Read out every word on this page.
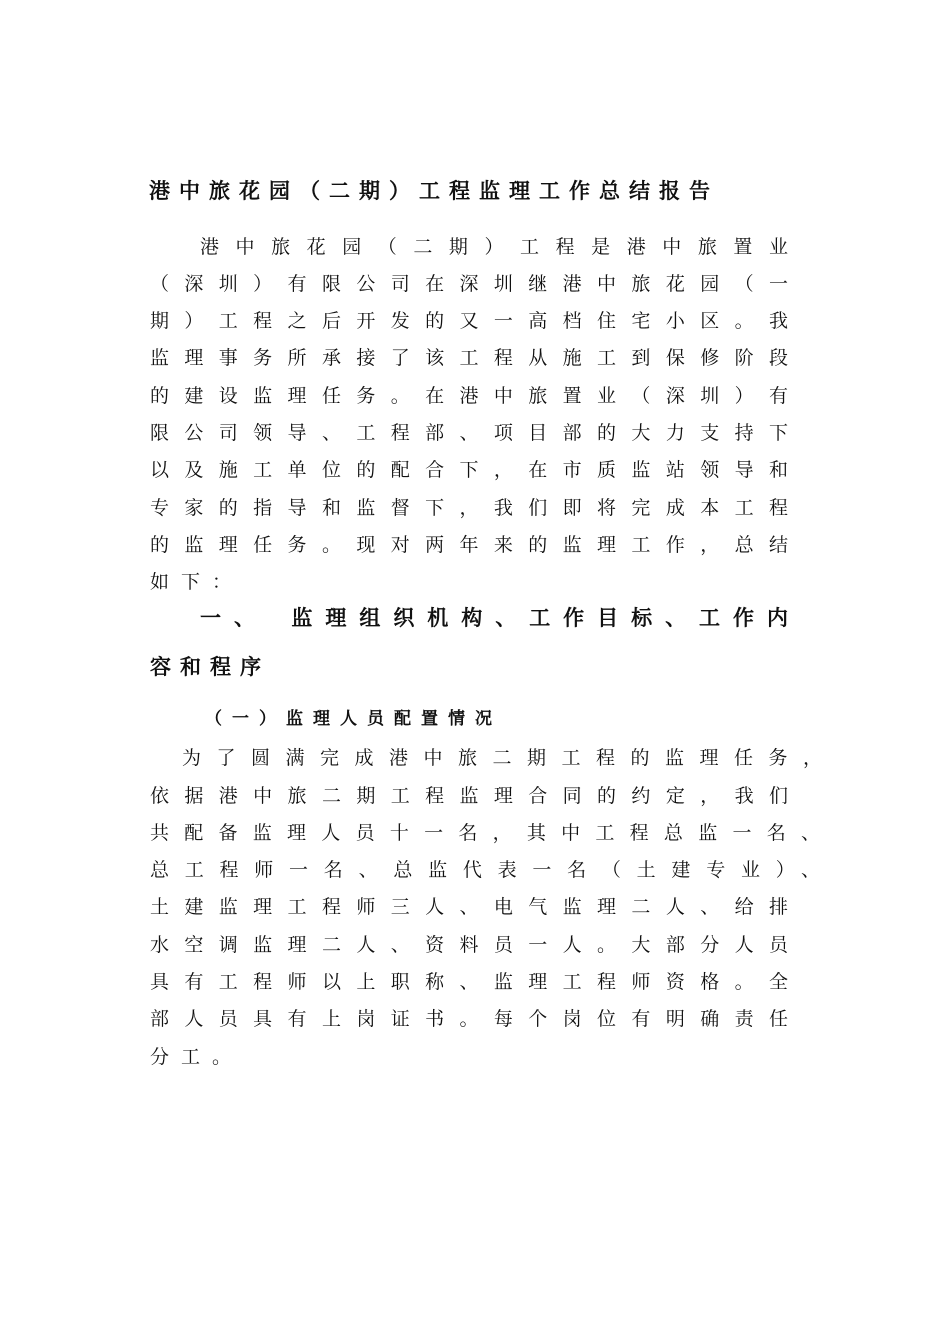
港中旅花园（二期）工程监理工作总结报告
港中旅花园（二期）工程是港中旅置业
（深圳）有限公司在深圳继港中旅花园（一
期）工程之后开发的又一高档住宅小区。我
监理事务所承接了该工程从施工到保修阶段
的建设监理任务。在港中旅置业（深圳）有
限公司领导、工程部、项目部的大力支持下
以及施工单位的配合下，在市质监站领导和
专家的指导和监督下，我们即将完成本工程
的监理任务。现对两年来的监理工作，总结
如下：
一、　监理组织机构、工作目标、工作内
容和程序
（一）监理人员配置情况
为了圆满完成港中旅二期工程的监理任务，
依据港中旅二期工程监理合同的约定，我们
共配备监理人员十一名，其中工程总监一名、
总工程师一名、总监代表一名（土建专业）、
土建监理工程师三人、电气监理二人、给排
水空调监理二人、资料员一人。大部分人员
具有工程师以上职称、监理工程师资格。全
部人员具有上岗证书。每个岗位有明确责任
分工。
